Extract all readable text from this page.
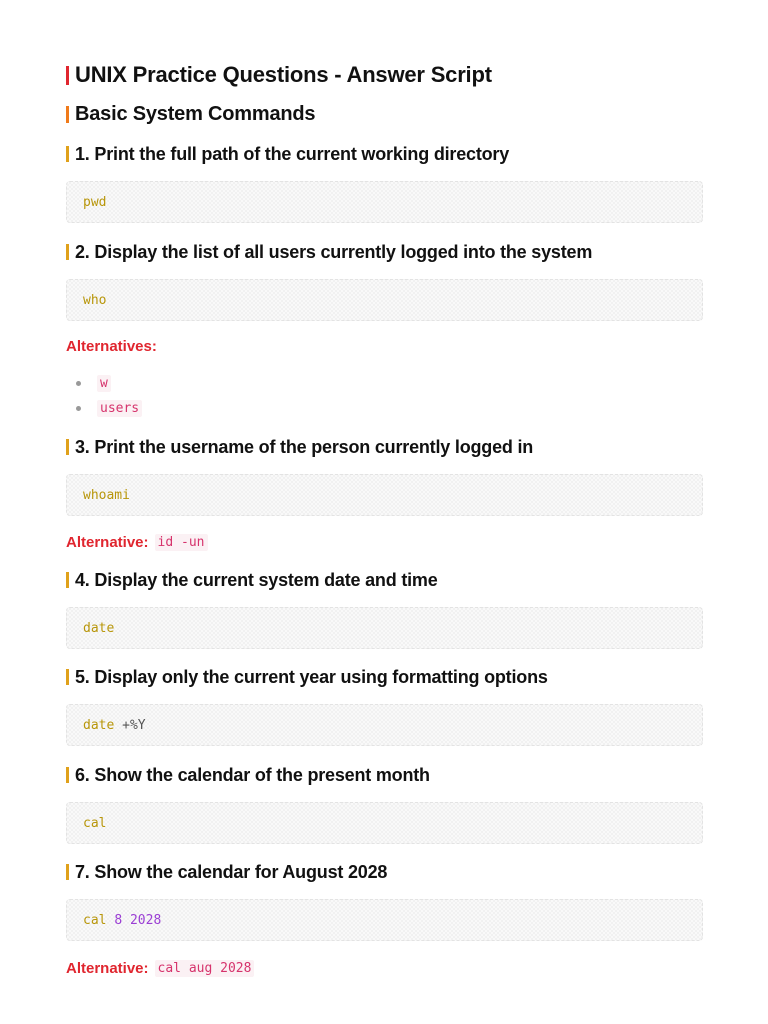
UNIX Practice Questions - Answer Script
Basic System Commands
1. Print the full path of the current working directory
pwd
2. Display the list of all users currently logged into the system
who
Alternatives:
w
users
3. Print the username of the person currently logged in
whoami
Alternative: id -un
4. Display the current system date and time
date
5. Display only the current year using formatting options
date
+%Y
6. Show the calendar of the present month
cal
7. Show the calendar for August 2028
cal
8
2028
Alternative: cal aug 2028
